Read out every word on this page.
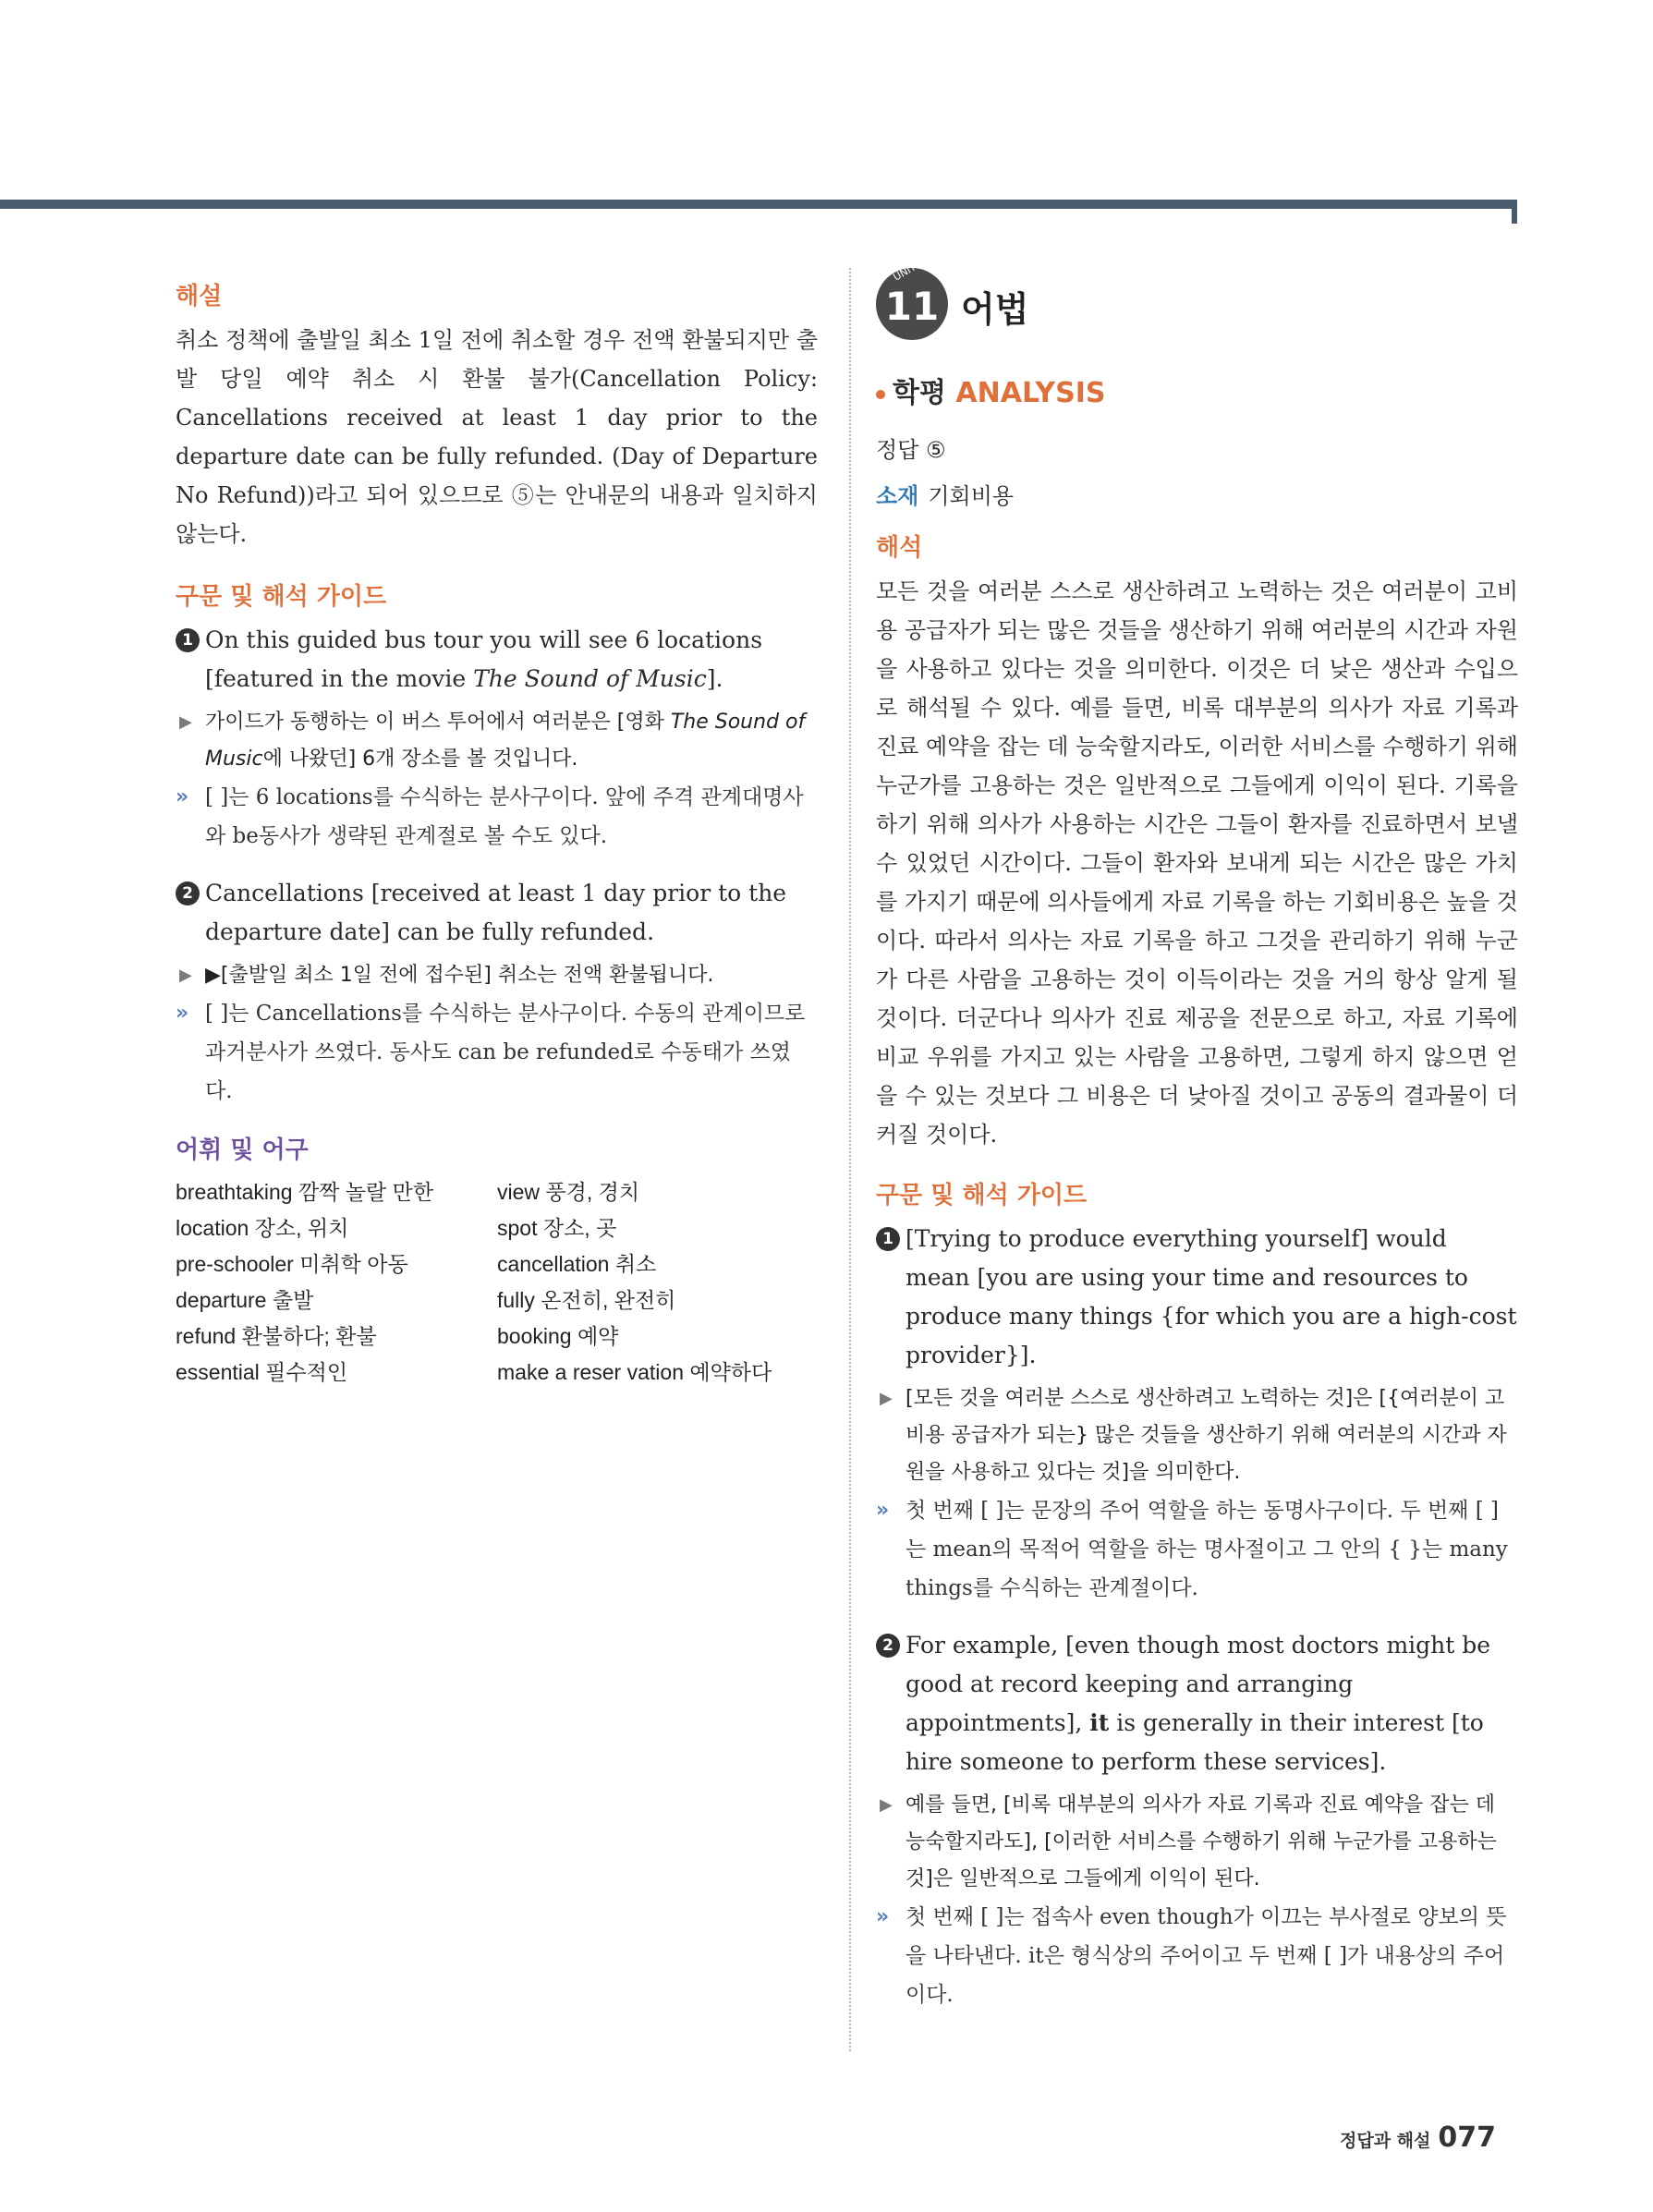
해설

취소 정책에 출발일 최소 1일 전에 취소할 경우 전액 환불되지만 출발 당일 예약 취소 시 환불 불가(Cancellation Policy: Cancellations received at least 1 day prior to the departure date can be fully refunded. (Day of Departure No Refund))라고 되어 있으므로 ⑤는 안내문의 내용과 일치하지 않는다.

구문 및 해석 가이드
1 On this guided bus tour you will see 6 locations [featured in the movie The Sound of Music].
▶ 가이드가 동행하는 이 버스 투어에서 여러분은 [영화 The Sound of Music에 나왔던] 6개 장소를 볼 것입니다.
» [ ]는 6 locations를 수식하는 분사구이다. 앞에 주격 관계대명사와 be동사가 생략된 관계절로 볼 수도 있다.
2 Cancellations [received at least 1 day prior to the departure date] can be fully refunded.
▶ ▶[출발일 최소 1일 전에 접수된] 취소는 전액 환불됩니다.
» [ ]는 Cancellations를 수식하는 분사구이다. 수동의 관계이므로 과거분사가 쓰였다. 동사도 can be refunded로 수동태가 쓰였다.
어휘 및 어구
breathtaking 깜짝 놀랄 만한	view 풍경, 경치
location 장소, 위치	spot 장소, 곳
pre-schooler 미취학 아동	cancellation 취소
departure 출발	fully 온전히, 완전히
refund 환불하다; 환불	booking 예약
essential 필수적인	make a reser vation 예약하다
11
UNIT
어법
학평 ANALYSIS
정답 ⑤
소재 기회비용
해석

모든 것을 여러분 스스로 생산하려고 노력하는 것은 여러분이 고비용 공급자가 되는 많은 것들을 생산하기 위해 여러분의 시간과 자원을 사용하고 있다는 것을 의미한다. 이것은 더 낮은 생산과 수입으로 해석될 수 있다. 예를 들면, 비록 대부분의 의사가 자료 기록과 진료 예약을 잡는 데 능숙할지라도, 이러한 서비스를 수행하기 위해 누군가를 고용하는 것은 일반적으로 그들에게 이익이 된다. 기록을 하기 위해 의사가 사용하는 시간은 그들이 환자를 진료하면서 보낼 수 있었던 시간이다. 그들이 환자와 보내게 되는 시간은 많은 가치를 가지기 때문에 의사들에게 자료 기록을 하는 기회비용은 높을 것이다. 따라서 의사는 자료 기록을 하고 그것을 관리하기 위해 누군가 다른 사람을 고용하는 것이 이득이라는 것을 거의 항상 알게 될 것이다. 더군다나 의사가 진료 제공을 전문으로 하고, 자료 기록에 비교 우위를 가지고 있는 사람을 고용하면, 그렇게 하지 않으면 얻을 수 있는 것보다 그 비용은 더 낮아질 것이고 공동의 결과물이 더 커질 것이다.

구문 및 해석 가이드
1 [Trying to produce everything yourself] would mean [you are using your time and resources to produce many things {for which you are a high-cost provider}].
▶ [모든 것을 여러분 스스로 생산하려고 노력하는 것]은 [{여러분이 고비용 공급자가 되는} 많은 것들을 생산하기 위해 여러분의 시간과 자원을 사용하고 있다는 것]을 의미한다.
» 첫 번째 [ ]는 문장의 주어 역할을 하는 동명사구이다. 두 번째 [ ]는 mean의 목적어 역할을 하는 명사절이고 그 안의 { }는 many things를 수식하는 관계절이다.
2 For example, [even though most doctors might be good at record keeping and arranging appointments], it is generally in their interest [to hire someone to perform these services].
▶ 예를 들면, [비록 대부분의 의사가 자료 기록과 진료 예약을 잡는 데 능숙할지라도], [이러한 서비스를 수행하기 위해 누군가를 고용하는 것]은 일반적으로 그들에게 이익이 된다.
» 첫 번째 [ ]는 접속사 even though가 이끄는 부사절로 양보의 뜻을 나타낸다. it은 형식상의 주어이고 두 번째 [ ]가 내용상의 주어이다.
정답과 해설 077
